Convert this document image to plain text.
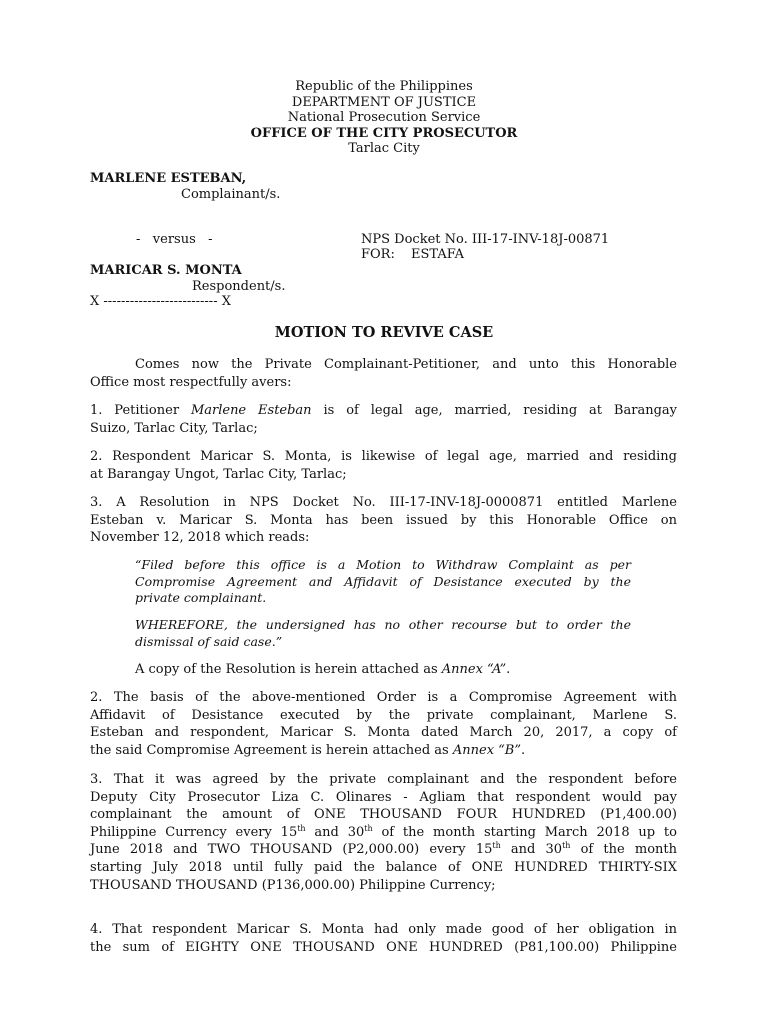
Republic of the Philippines
DEPARTMENT OF JUSTICE
National Prosecution Service
OFFICE OF THE CITY PROSECUTOR
Tarlac City
MARLENE ESTEBAN,
Complainant/s.
-   versus   -	NPS Docket No. III-17-INV-18J-00871
FOR: ESTAFA
MARICAR S. MONTA
Respondent/s.
X -------------------------- X
MOTION TO REVIVE CASE
Comes now the Private Complainant-Petitioner, and unto this Honorable
Office most respectfully avers:
1. Petitioner Marlene Esteban is of legal age, married, residing at Barangay
Suizo, Tarlac City, Tarlac;
2. Respondent Maricar S. Monta, is likewise of legal age, married and residing
at Barangay Ungot, Tarlac City, Tarlac;
3. A Resolution in NPS Docket No. III-17-INV-18J-0000871 entitled Marlene
Esteban v. Maricar S. Monta has been issued by this Honorable Office on
November 12, 2018 which reads:
“Filed before this office is a Motion to Withdraw Complaint as per
Compromise Agreement and Affidavit of Desistance executed by the
private complainant.
WHEREFORE, the undersigned has no other recourse but to order the
dismissal of said case.”
A copy of the Resolution is herein attached as Annex “A”.
2. The basis of the above-mentioned Order is a Compromise Agreement with
Affidavit of Desistance executed by the private complainant, Marlene S.
Esteban and respondent, Maricar S. Monta dated March 20, 2017, a copy of
the said Compromise Agreement is herein attached as Annex “B”.
3. That it was agreed by the private complainant and the respondent before
Deputy City Prosecutor Liza C. Olinares - Agliam that respondent would pay
complainant the amount of ONE THOUSAND FOUR HUNDRED (P1,400.00)
Philippine Currency every 15th and 30th of the month starting March 2018 up to
June 2018 and TWO THOUSAND (P2,000.00) every 15th and 30th of the month
starting July 2018 until fully paid the balance of ONE HUNDRED THIRTY-SIX
THOUSAND THOUSAND (P136,000.00) Philippine Currency;
4. That respondent Maricar S. Monta had only made good of her obligation in
the sum of EIGHTY ONE THOUSAND ONE HUNDRED (P81,100.00) Philippine
